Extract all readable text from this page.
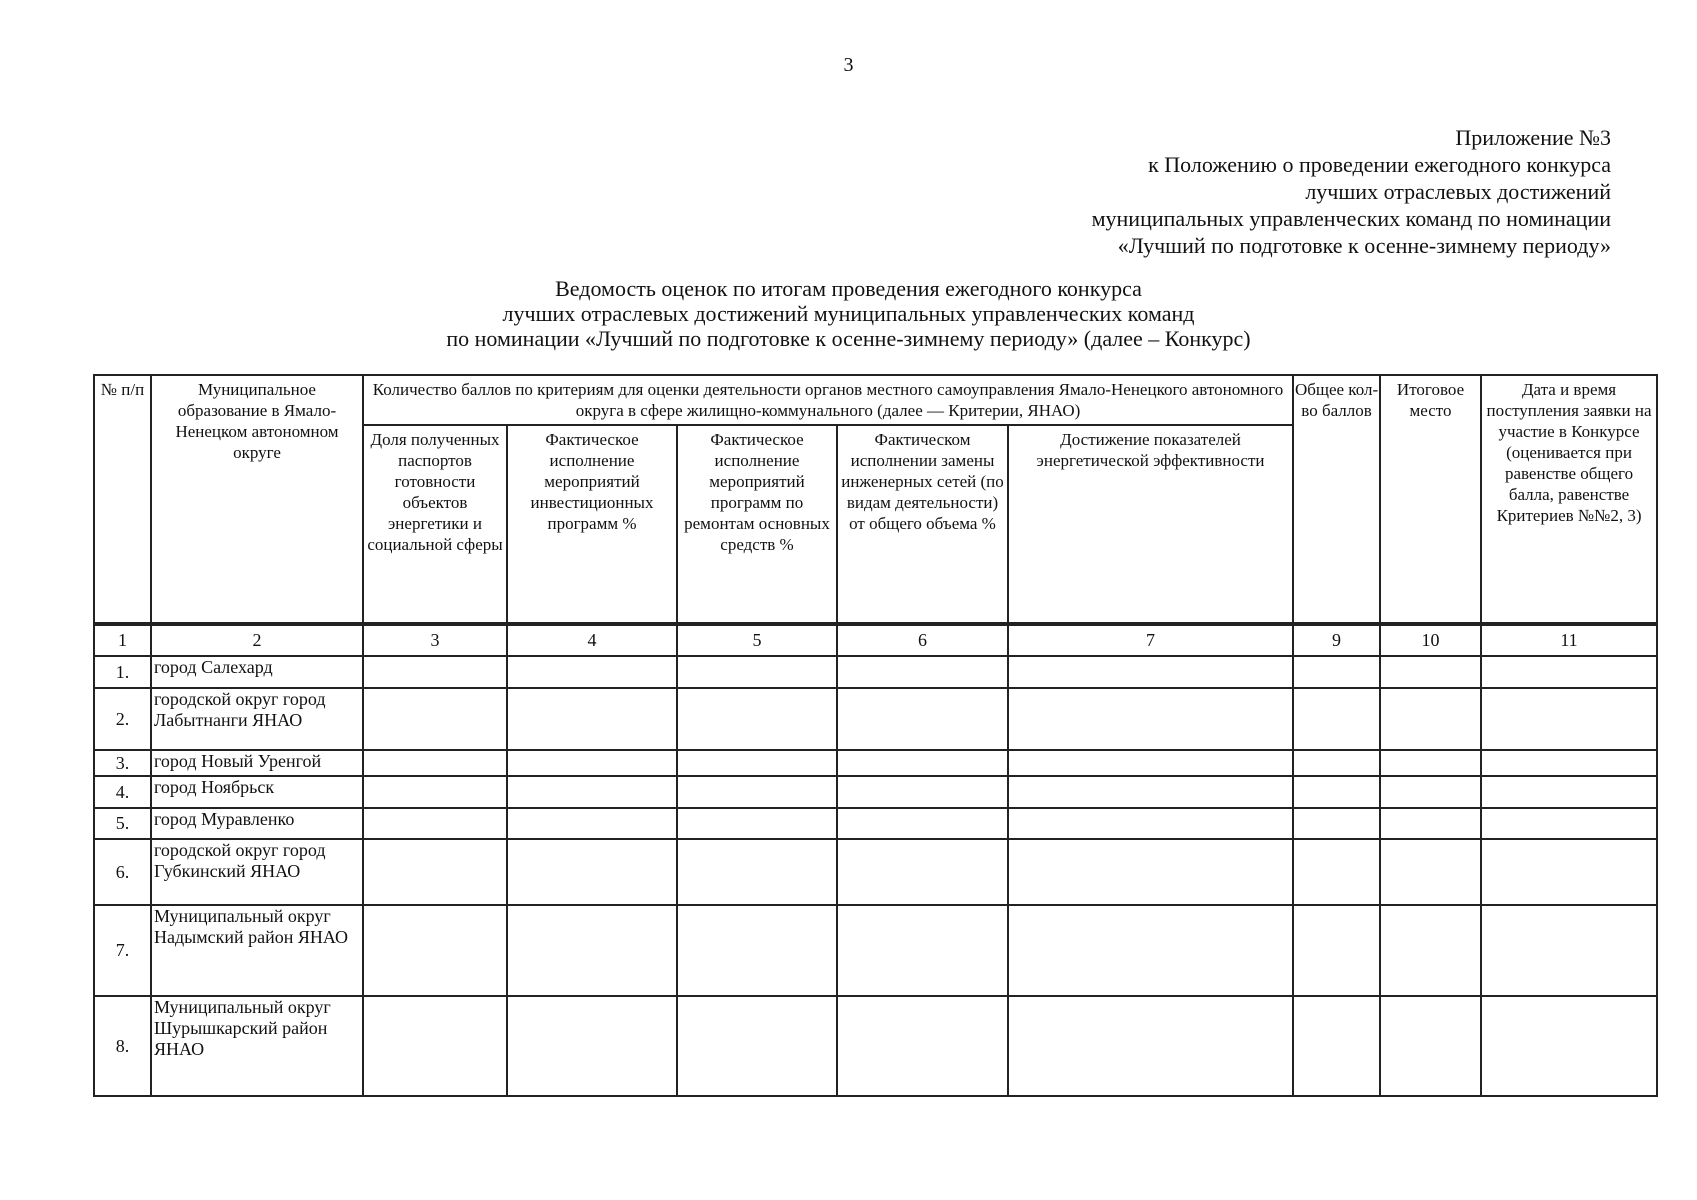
3
Приложение №3
к Положению о проведении ежегодного конкурса
лучших отраслевых достижений
муниципальных управленческих команд по номинации
«Лучший по подготовке к осенне-зимнему периоду»
Ведомость оценок по итогам проведения ежегодного конкурса
лучших отраслевых достижений муниципальных управленческих команд
по номинации «Лучший по подготовке к осенне-зимнему периоду» (далее – Конкурс)
№ п/п	Муниципальное образование в Ямало-Ненецком автономном округе	Количество баллов по критериям для оценки деятельности органов местного самоуправления Ямало-Ненецкого автономного округа в сфере жилищно-коммунального (далее — Критерии, ЯНАО)					Общее кол-во баллов	Итоговое место	Дата и время поступления заявки на участие в Конкурсе (оценивается при равенстве общего балла, равенстве Критериев №№2, 3)
		Доля полученных паспортов готовности объектов энергетики и социальной сферы	Фактическое исполнение мероприятий инвестиционных программ %	Фактическое исполнение мероприятий программ по ремонтам основных средств %	Фактическом исполнении замены инженерных сетей (по видам деятельности) от общего объема %	Достижение показателей энергетической эффективности			
1	2	3	4	5	6	7	9	10	11
1.	город Салехард								
2.	городской округ город Лабытнанги ЯНАО								
3.	город Новый Уренгой								
4.	город Ноябрьск								
5.	город Муравленко								
6.	городской округ город Губкинский ЯНАО								
7.	Муниципальный округ Надымский район ЯНАО								
8.	Муниципальный округ Шурышкарский район ЯНАО								
